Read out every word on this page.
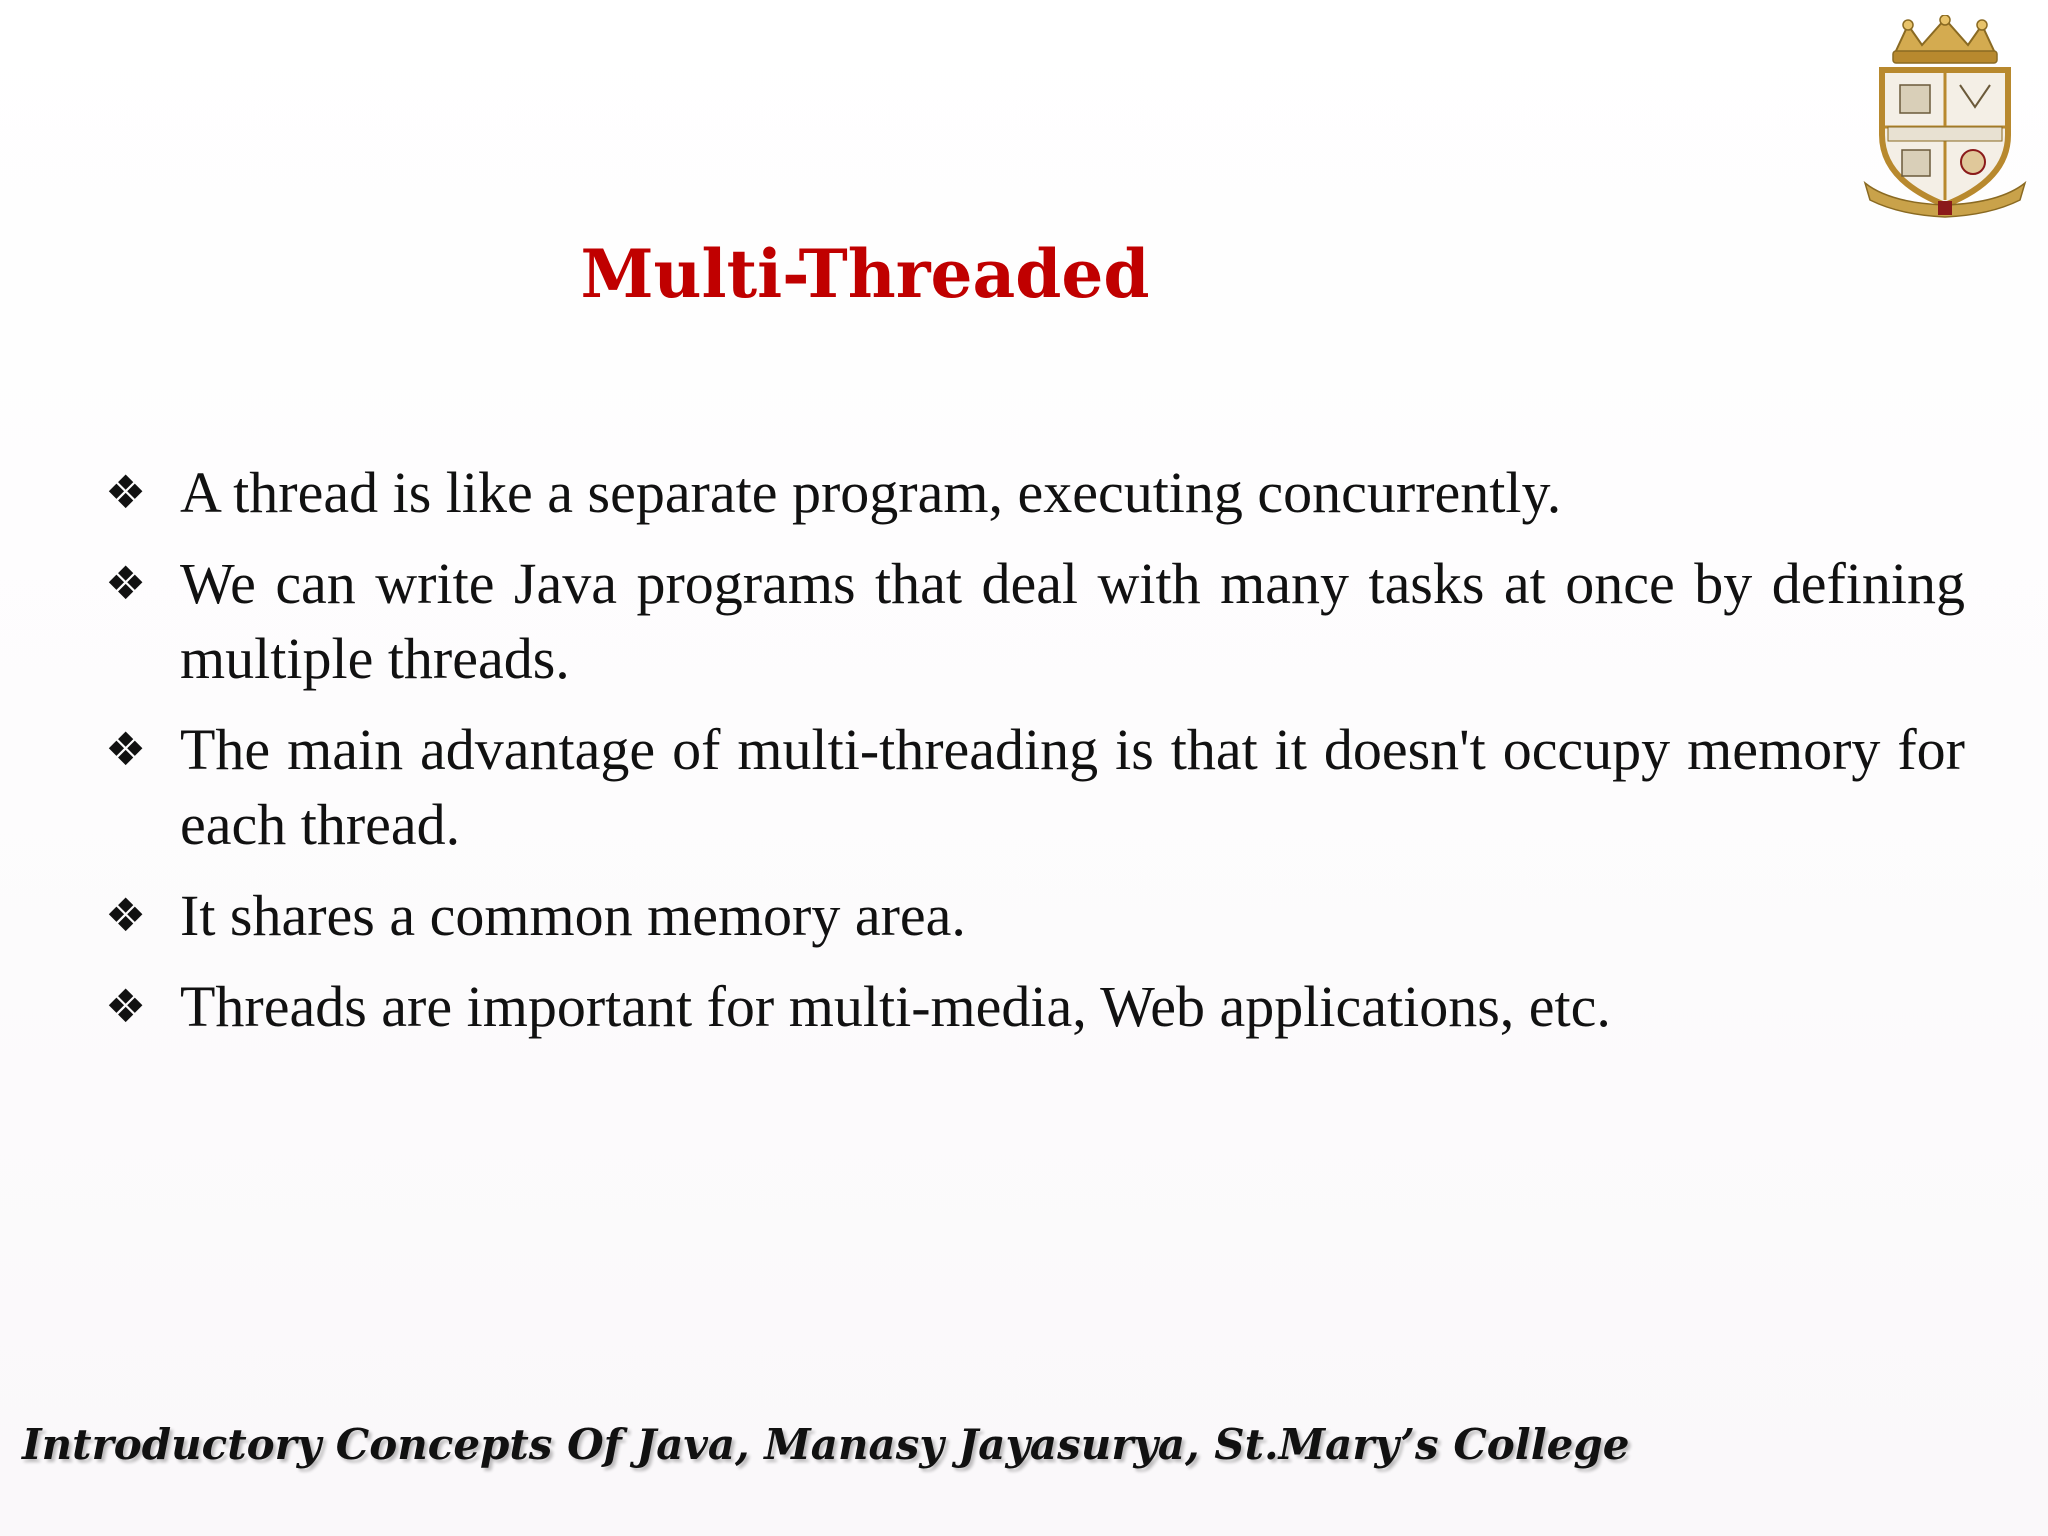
Multi-Threaded
❖ A thread is like a separate program, executing concurrently.
❖ We can write Java programs that deal with many tasks at once by defining multiple threads.
❖ The main advantage of multi-threading is that it doesn't occupy memory for each thread.
❖ It shares a common memory area.
❖ Threads are important for multi-media, Web applications, etc.
Introductory Concepts Of Java, Manasy Jayasurya, St.Mary’s College
